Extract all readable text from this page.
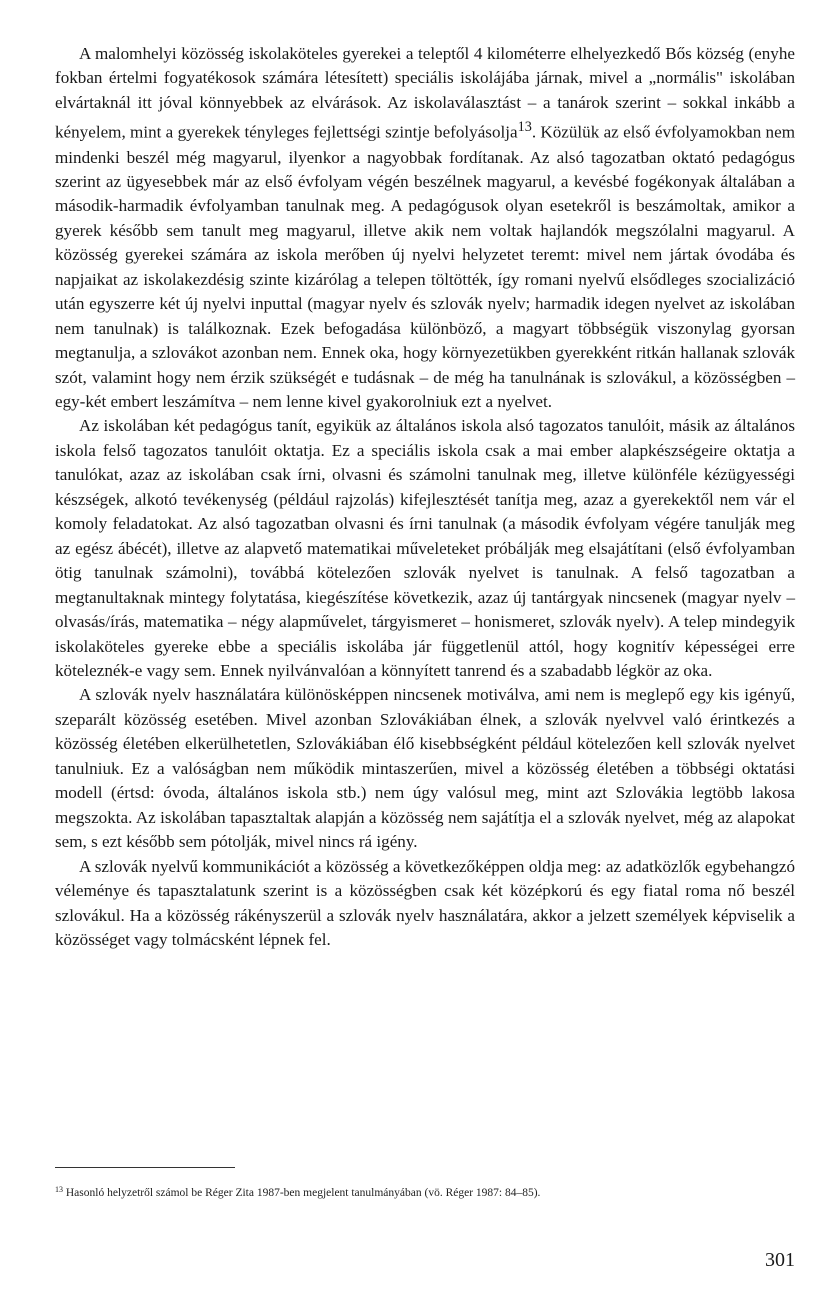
A malomhelyi közösség iskolaköteles gyerekei a teleptől 4 kilométerre elhelyezkedő Bős község (enyhe fokban értelmi fogyatékosok számára létesített) speciális iskolájába járnak, mivel a „normális" iskolában elvártaknál itt jóval könnyebbek az elvárások. Az iskolaválasztást – a tanárok szerint – sokkal inkább a kényelem, mint a gyerekek tényleges fejlettségi szintje befolyásolja$^{13}$. Közülük az első évfolyamokban nem mindenki beszél még magyarul, ilyenkor a nagyobbak fordítanak. Az alsó tagozatban oktató pedagógus szerint az ügyesebbek már az első évfolyam végén beszélnek magyarul, a kevésbé fogékonyak általában a második-harmadik évfolyamban tanulnak meg. A pedagógusok olyan esetekről is beszámoltak, amikor a gyerek később sem tanult meg magyarul, illetve akik nem voltak hajlandók megszólalni magyarul. A közösség gyerekei számára az iskola merőben új nyelvi helyzetet teremt: mivel nem jártak óvodába és napjaikat az iskolakezdésig szinte kizárólag a telepen töltötték, így romani nyelvű elsődleges szocializáció után egyszerre két új nyelvi inputtal (magyar nyelv és szlovák nyelv; harmadik idegen nyelvet az iskolában nem tanulnak) is találkoznak. Ezek befogadása különböző, a magyart többségük viszonylag gyorsan megtanulja, a szlovákot azonban nem. Ennek oka, hogy környezetükben gyerekként ritkán hallanak szlovák szót, valamint hogy nem érzik szükségét e tudásnak – de még ha tanulnának is szlovákul, a közösségben – egy-két embert leszámítva – nem lenne kivel gyakorolniuk ezt a nyelvet.

Az iskolában két pedagógus tanít, egyikük az általános iskola alsó tagozatos tanulóit, másik az általános iskola felső tagozatos tanulóit oktatja. Ez a speciális iskola csak a mai ember alapkészségeire oktatja a tanulókat, azaz az iskolában csak írni, olvasni és számolni tanulnak meg, illetve különféle kézügyességi készségek, alkotó tevékenység (például rajzolás) kifejlesztését tanítja meg, azaz a gyerekektől nem vár el komoly feladatokat. Az alsó tagozatban olvasni és írni tanulnak (a második évfolyam végére tanulják meg az egész ábécét), illetve az alapvető matematikai műveleteket próbálják meg elsajátítani (első évfolyamban ötig tanulnak számolni), továbbá kötelezően szlovák nyelvet is tanulnak. A felső tagozatban a megtanultaknak mintegy folytatása, kiegészítése következik, azaz új tantárgyak nincsenek (magyar nyelv – olvasás/írás, matematika – négy alapművelet, tárgyismeret – honismeret, szlovák nyelv). A telep mindegyik iskolaköteles gyereke ebbe a speciális iskolába jár függetlenül attól, hogy kognitív képességei erre köteleznék-e vagy sem. Ennek nyilvánvalóan a könnyített tanrend és a szabadabb légkör az oka.

A szlovák nyelv használatára különösképpen nincsenek motiválva, ami nem is meglepő egy kis igényű, szeparált közösség esetében. Mivel azonban Szlovákiában élnek, a szlovák nyelvvel való érintkezés a közösség életében elkerülhetetlen, Szlovákiában élő kisebbségként például kötelezően kell szlovák nyelvet tanulniuk. Ez a valóságban nem működik mintaszerűen, mivel a közösség életében a többségi oktatási modell (értsd: óvoda, általános iskola stb.) nem úgy valósul meg, mint azt Szlovákia legtöbb lakosa megszokta. Az iskolában tapasztaltak alapján a közösség nem sajátítja el a szlovák nyelvet, még az alapokat sem, s ezt később sem pótolják, mivel nincs rá igény.

A szlovák nyelvű kommunikációt a közösség a következőképpen oldja meg: az adatközlők egybehangzó véleménye és tapasztalatunk szerint is a közösségben csak két középkorú és egy fiatal roma nő beszél szlovákul. Ha a közösség rákényszerül a szlovák nyelv használatára, akkor a jelzett személyek képviselik a közösséget vagy tolmácsként lépnek fel.

$^{13}$ Hasonló helyzetről számol be Réger Zita 1987-ben megjelent tanulmányában (vö. Réger 1987: 84–85).
301
